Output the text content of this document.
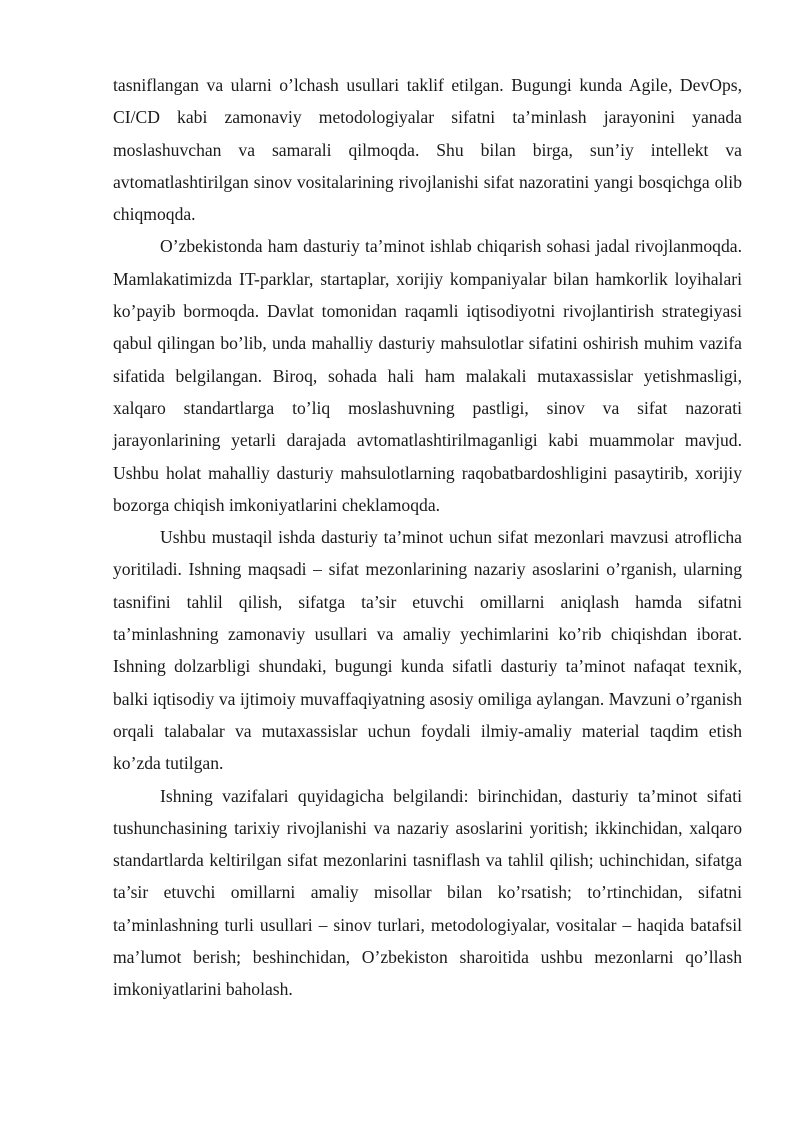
tasniflangan va ularni o’lchash usullari taklif etilgan. Bugungi kunda Agile, DevOps, CI/CD kabi zamonaviy metodologiyalar sifatni ta’minlash jarayonini yanada moslashuvchan va samarali qilmoqda. Shu bilan birga, sun’iy intellekt va avtomatlashtirilgan sinov vositalarining rivojlanishi sifat nazoratini yangi bosqichga olib chiqmoqda.

O’zbekistonda ham dasturiy ta’minot ishlab chiqarish sohasi jadal rivojlanmoqda. Mamlakatimizda IT-parklar, startaplar, xorijiy kompaniyalar bilan hamkorlik loyihalari ko’payib bormoqda. Davlat tomonidan raqamli iqtisodiyotni rivojlantirish strategiyasi qabul qilingan bo’lib, unda mahalliy dasturiy mahsulotlar sifatini oshirish muhim vazifa sifatida belgilangan. Biroq, sohada hali ham malakali mutaxassislar yetishmasligi, xalqaro standartlarga to’liq moslashuvning pastligi, sinov va sifat nazorati jarayonlarining yetarli darajada avtomatlashtirilmaganligi kabi muammolar mavjud. Ushbu holat mahalliy dasturiy mahsulotlarning raqobatbardoshligini pasaytirib, xorijiy bozorga chiqish imkoniyatlarini cheklamoqda.

Ushbu mustaqil ishda dasturiy ta’minot uchun sifat mezonlari mavzusi atroflicha yoritiladi. Ishning maqsadi – sifat mezonlarining nazariy asoslarini o’rganish, ularning tasnifini tahlil qilish, sifatga ta’sir etuvchi omillarni aniqlash hamda sifatni ta’minlashning zamonaviy usullari va amaliy yechimlarini ko’rib chiqishdan iborat. Ishning dolzarbligi shundaki, bugungi kunda sifatli dasturiy ta’minot nafaqat texnik, balki iqtisodiy va ijtimoiy muvaffaqiyatning asosiy omiliga aylangan. Mavzuni o’rganish orqali talabalar va mutaxassislar uchun foydali ilmiy-amaliy material taqdim etish ko’zda tutilgan.

Ishning vazifalari quyidagicha belgilandi: birinchidan, dasturiy ta’minot sifati tushunchasining tarixiy rivojlanishi va nazariy asoslarini yoritish; ikkinchidan, xalqaro standartlarda keltirilgan sifat mezonlarini tasniflash va tahlil qilish; uchinchidan, sifatga ta’sir etuvchi omillarni amaliy misollar bilan ko’rsatish; to’rtinchidan, sifatni ta’minlashning turli usullari – sinov turlari, metodologiyalar, vositalar – haqida batafsil ma’lumot berish; beshinchidan, O’zbekiston sharoitida ushbu mezonlarni qo’llash imkoniyatlarini baholash.
